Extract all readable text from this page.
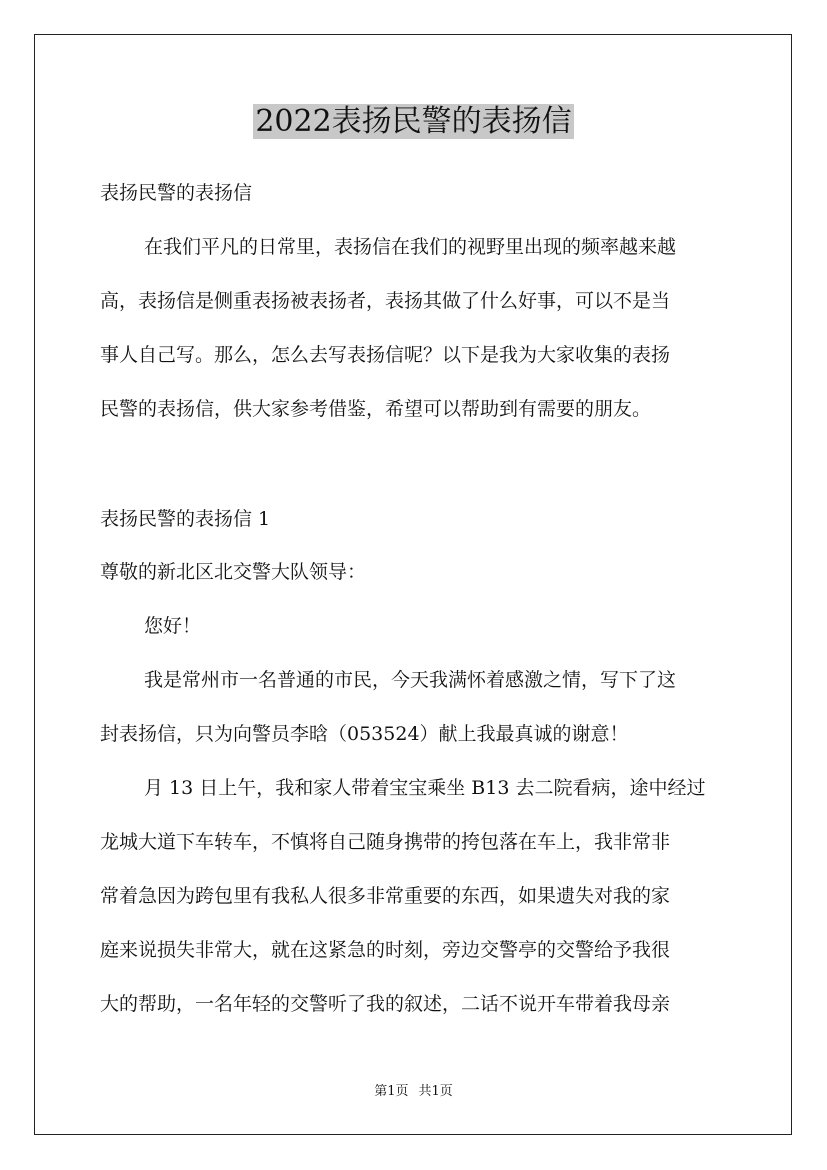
2022表扬民警的表扬信

表扬民警的表扬信

在我们平凡的日常里，表扬信在我们的视野里出现的频率越来越

高，表扬信是侧重表扬被表扬者，表扬其做了什么好事，可以不是当

事人自己写。那么，怎么去写表扬信呢？以下是我为大家收集的表扬

民警的表扬信，供大家参考借鉴，希望可以帮助到有需要的朋友。

表扬民警的表扬信 1

尊敬的新北区北交警大队领导：

您好！

我是常州市一名普通的市民，今天我满怀着感激之情，写下了这

封表扬信，只为向警员李晗（053524）献上我最真诚的谢意！

月 13 日上午，我和家人带着宝宝乘坐 B13 去二院看病，途中经过

龙城大道下车转车，不慎将自己随身携带的挎包落在车上，我非常非

常着急因为跨包里有我私人很多非常重要的东西，如果遗失对我的家

庭来说损失非常大，就在这紧急的时刻，旁边交警亭的交警给予我很

大的帮助，一名年轻的交警听了我的叙述，二话不说开车带着我母亲

第1页 共1页
